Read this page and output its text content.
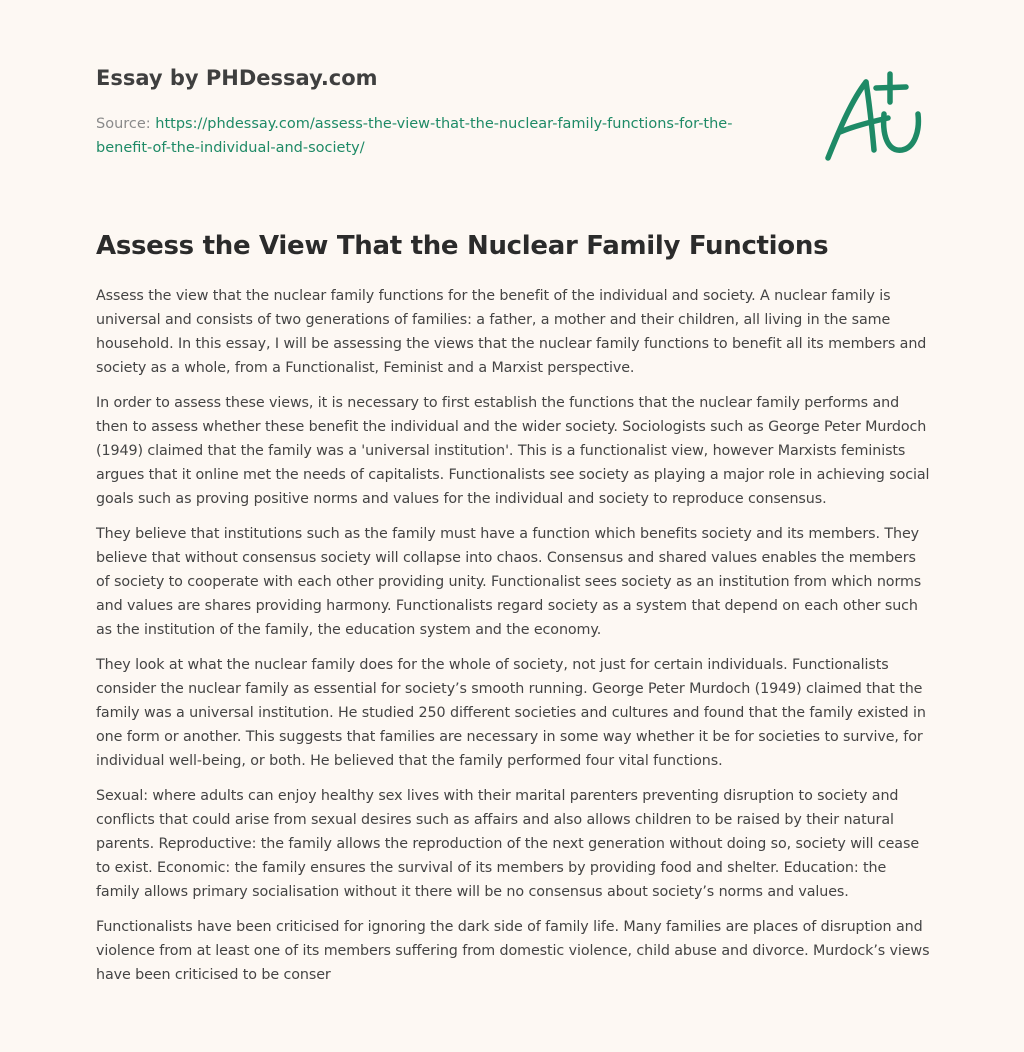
Essay by PHDessay.com
Source: https://phdessay.com/assess-the-view-that-the-nuclear-family-functions-for-the-benefit-of-the-individual-and-society/
Assess the View That the Nuclear Family Functions

Assess the view that the nuclear family functions for the benefit of the individual and society. A nuclear family is universal and consists of two generations of families: a father, a mother and their children, all living in the same household. In this essay, I will be assessing the views that the nuclear family functions to benefit all its members and society as a whole, from a Functionalist, Feminist and a Marxist perspective.

In order to assess these views, it is necessary to first establish the functions that the nuclear family performs and then to assess whether these benefit the individual and the wider society. Sociologists such as George Peter Murdoch (1949) claimed that the family was a 'universal institution'. This is a functionalist view, however Marxists feminists argues that it online met the needs of capitalists. Functionalists see society as playing a major role in achieving social goals such as proving positive norms and values for the individual and society to reproduce consensus.

They believe that institutions such as the family must have a function which benefits society and its members. They believe that without consensus society will collapse into chaos. Consensus and shared values enables the members of society to cooperate with each other providing unity. Functionalist sees society as an institution from which norms and values are shares providing harmony. Functionalists regard society as a system that depend on each other such as the institution of the family, the education system and the economy.

They look at what the nuclear family does for the whole of society, not just for certain individuals. Functionalists consider the nuclear family as essential for society’s smooth running. George Peter Murdoch (1949) claimed that the family was a universal institution. He studied 250 different societies and cultures and found that the family existed in one form or another. This suggests that families are necessary in some way whether it be for societies to survive, for individual well-being, or both. He believed that the family performed four vital functions.

Sexual: where adults can enjoy healthy sex lives with their marital parenters preventing disruption to society and conflicts that could arise from sexual desires such as affairs and also allows children to be raised by their natural parents. Reproductive: the family allows the reproduction of the next generation without doing so, society will cease to exist. Economic: the family ensures the survival of its members by providing food and shelter. Education: the family allows primary socialisation without it there will be no consensus about society’s norms and values.

Functionalists have been criticised for ignoring the dark side of family life. Many families are places of disruption and violence from at least one of its members suffering from domestic violence, child abuse and divorce. Murdock’s views have been criticised to be conser
